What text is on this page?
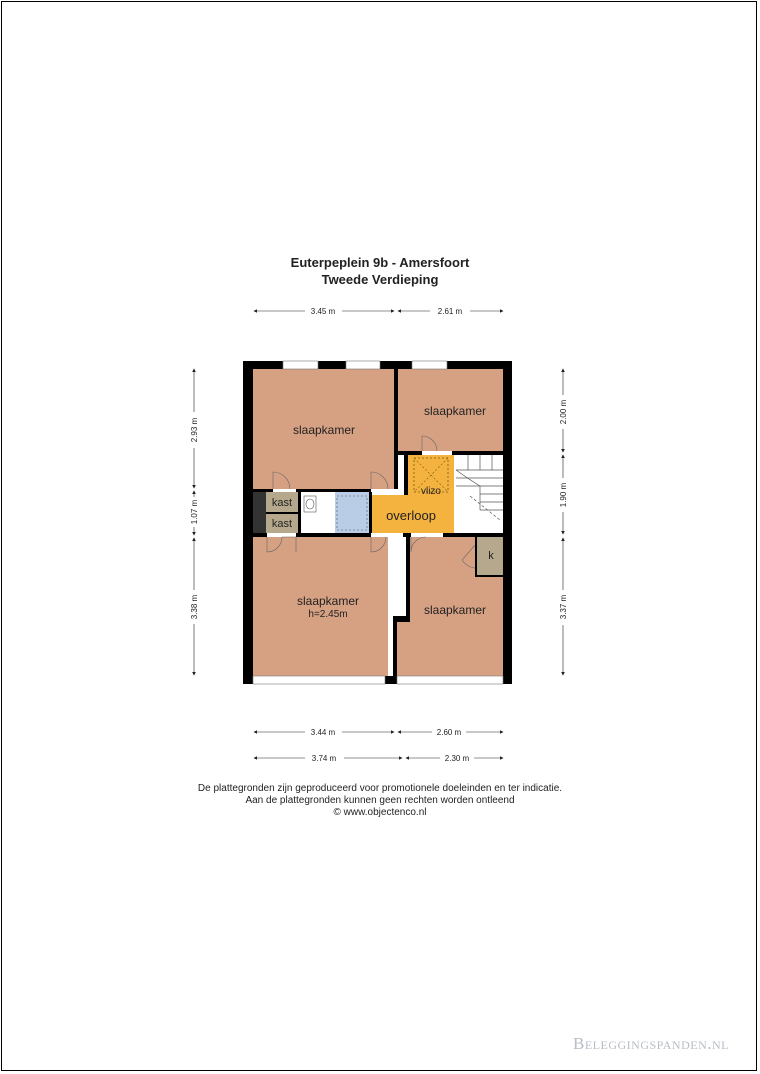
Euterpeplein 9b - Amersfoort
Tweede Verdieping
slaapkamer
slaapkamer
slaapkamer
h=2.45m	slaapkamer
vlizo
overloop
kast
kast
k
3.45 m	2.61 m
3.44 m	2.60 m
3.74 m	2.30 m
2.93 m
1.07 m
3.38 m
2.00 m
1.90 m
3.37 m
De plattegronden zijn geproduceerd voor promotionele doeleinden en ter indicatie.
Aan de plattegronden kunnen geen rechten worden ontleend
© www.objectenco.nl
Beleggingspanden.nl
